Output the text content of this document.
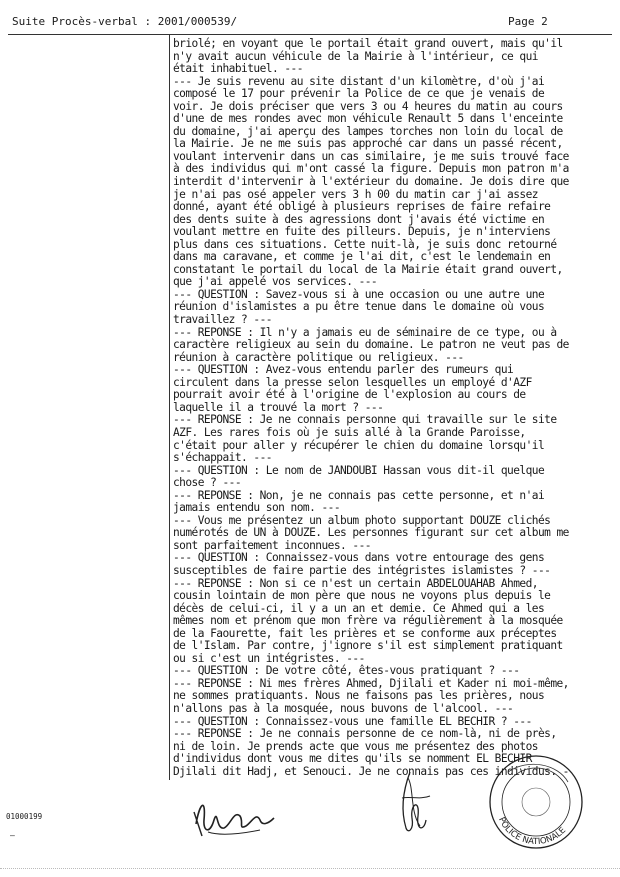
Suite Procès-verbal : 2001/000539/	Page 2
briolé; en voyant que le portail était grand ouvert, mais qu'il
n'y avait aucun véhicule de la Mairie à l'intérieur, ce qui
était inhabituel. ---
--- Je suis revenu au site distant d'un kilomètre, d'où j'ai
composé le 17 pour prévenir la Police de ce que je venais de
voir. Je dois préciser que vers 3 ou 4 heures du matin au cours
d'une de mes rondes avec mon véhicule Renault 5 dans l'enceinte
du domaine, j'ai aperçu des lampes torches non loin du local de
la Mairie. Je ne me suis pas approché car dans un passé récent,
voulant intervenir dans un cas similaire, je me suis trouvé face
à des individus qui m'ont cassé la figure. Depuis mon patron m'a
interdit d'intervenir à l'extérieur du domaine. Je dois dire que
je n'ai pas osé appeler vers 3 h 00 du matin car j'ai assez
donné, ayant été obligé à plusieurs reprises de faire refaire
des dents suite à des agressions dont j'avais été victime en
voulant mettre en fuite des pilleurs. Depuis, je n'interviens
plus dans ces situations. Cette nuit-là, je suis donc retourné
dans ma caravane, et comme je l'ai dit, c'est le lendemain en
constatant le portail du local de la Mairie était grand ouvert,
que j'ai appelé vos services. ---
--- QUESTION : Savez-vous si à une occasion ou une autre une
réunion d'islamistes a pu être tenue dans le domaine où vous
travaillez ? ---
--- REPONSE : Il n'y a jamais eu de séminaire de ce type, ou à
caractère religieux au sein du domaine. Le patron ne veut pas de
réunion à caractère politique ou religieux. ---
--- QUESTION : Avez-vous entendu parler des rumeurs qui
circulent dans la presse selon lesquelles un employé d'AZF
pourrait avoir été à l'origine de l'explosion au cours de
laquelle il a trouvé la mort ? ---
--- REPONSE : Je ne connais personne qui travaille sur le site
AZF. Les rares fois où je suis allé à la Grande Paroisse,
c'était pour aller y récupérer le chien du domaine lorsqu'il
s'échappait. ---
--- QUESTION : Le nom de JANDOUBI Hassan vous dit-il quelque
chose ? ---
--- REPONSE : Non, je ne connais pas cette personne, et n'ai
jamais entendu son nom. ---
--- Vous me présentez un album photo supportant DOUZE clichés
numérotés de UN à DOUZE. Les personnes figurant sur cet album me
sont parfaitement inconnues. ---
--- QUESTION : Connaissez-vous dans votre entourage des gens
susceptibles de faire partie des intégristes islamistes ? ---
--- REPONSE : Non si ce n'est un certain ABDELOUAHAB Ahmed,
cousin lointain de mon père que nous ne voyons plus depuis le
décès de celui-ci, il y a un an et demie. Ce Ahmed qui a les
mêmes nom et prénom que mon frère va régulièrement à la mosquée
de la Faourette, fait les prières et se conforme aux préceptes
de l'Islam. Par contre, j'ignore s'il est simplement pratiquant
ou si c'est un intégristes. ---
--- QUESTION : De votre côté, êtes-vous pratiquant ? ---
--- REPONSE : Ni mes frères Ahmed, Djilali et Kader ni moi-même,
ne sommes pratiquants. Nous ne faisons pas les prières, nous
n'allons pas à la mosquée, nous buvons de l'alcool. ---
--- QUESTION : Connaissez-vous une famille EL BECHIR ? ---
--- REPONSE : Je ne connais personne de ce nom-là, ni de près,
ni de loin. Je prends acte que vous me présentez des photos
d'individus dont vous me dites qu'ils se nomment EL BECHIR
Djilali dit Hadj, et Senouci. Je ne connais pas ces individus. -
01000199
–
POLICE NATIONALE
